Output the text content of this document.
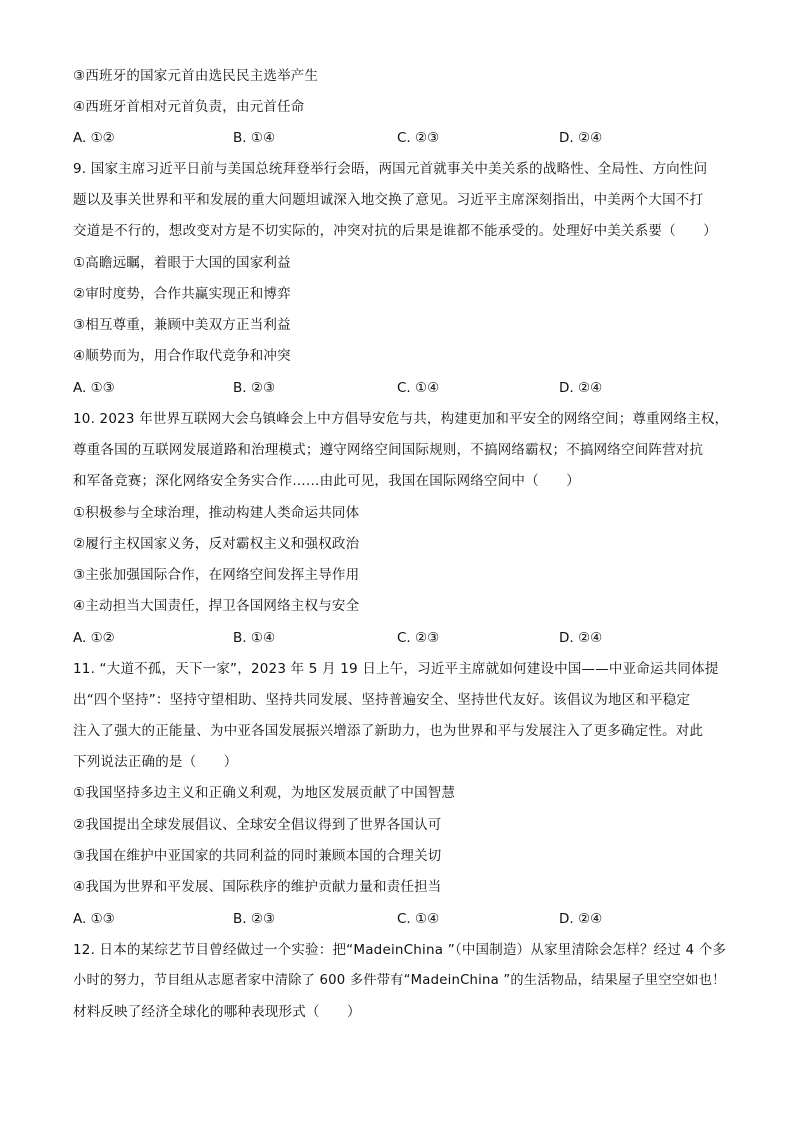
③西班牙的国家元首由选民民主选举产生
④西班牙首相对元首负责，由元首任命
A. ①②	B. ①④	C. ②③	D. ②④
9. 国家主席习近平日前与美国总统拜登举行会晤，两国元首就事关中美关系的战略性、全局性、方向性问
题以及事关世界和平和发展的重大问题坦诚深入地交换了意见。习近平主席深刻指出，中美两个大国不打
交道是不行的，想改变对方是不切实际的，冲突对抗的后果是谁都不能承受的。处理好中美关系要（　　）
①高瞻远瞩，着眼于大国的国家利益
②审时度势，合作共赢实现正和博弈
③相互尊重，兼顾中美双方正当利益
④顺势而为，用合作取代竞争和冲突
A. ①③	B. ②③	C. ①④	D. ②④
10. 2023 年世界互联网大会乌镇峰会上中方倡导安危与共，构建更加和平安全的网络空间；尊重网络主权，
尊重各国的互联网发展道路和治理模式；遵守网络空间国际规则，不搞网络霸权；不搞网络空间阵营对抗
和军备竞赛；深化网络安全务实合作……由此可见，我国在国际网络空间中（　　）
①积极参与全球治理，推动构建人类命运共同体
②履行主权国家义务，反对霸权主义和强权政治
③主张加强国际合作，在网络空间发挥主导作用
④主动担当大国责任，捍卫各国网络主权与安全
A. ①②	B. ①④	C. ②③	D. ②④
11. “大道不孤，天下一家”，2023 年 5 月 19 日上午，习近平主席就如何建设中国——中亚命运共同体提
出“四个坚持”：坚持守望相助、坚持共同发展、坚持普遍安全、坚持世代友好。该倡议为地区和平稳定
注入了强大的正能量、为中亚各国发展振兴增添了新助力，也为世界和平与发展注入了更多确定性。对此
下列说法正确的是（　　）
①我国坚持多边主义和正确义利观，为地区发展贡献了中国智慧
②我国提出全球发展倡议、全球安全倡议得到了世界各国认可
③我国在维护中亚国家的共同利益的同时兼顾本国的合理关切
④我国为世界和平发展、国际秩序的维护贡献力量和责任担当
A. ①③	B. ②③	C. ①④	D. ②④
12. 日本的某综艺节目曾经做过一个实验：把“MadeinChina ”（中国制造）从家里清除会怎样？经过 4 个多
小时的努力，节目组从志愿者家中清除了 600 多件带有“MadeinChina ”的生活物品，结果屋子里空空如也！
材料反映了经济全球化的哪种表现形式（　　）
